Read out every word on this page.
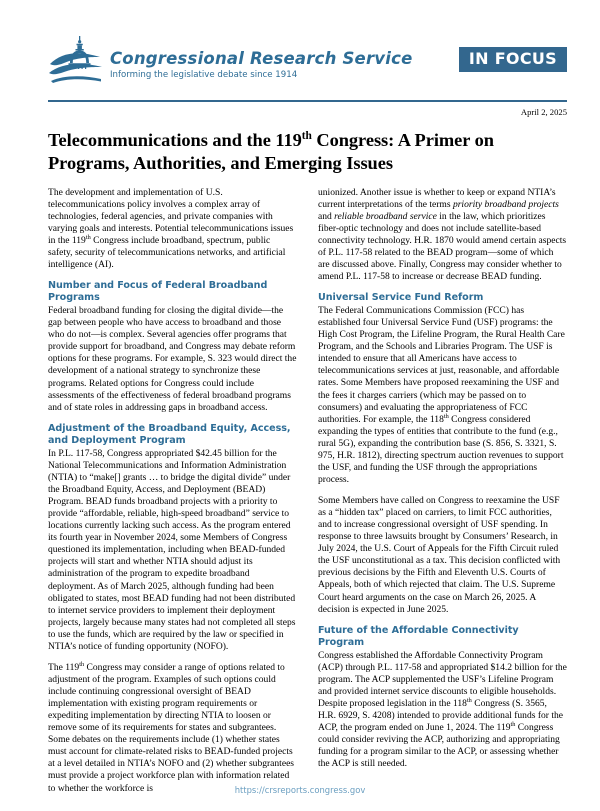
Congressional Research Service
Informing the legislative debate since 1914
IN FOCUS
April 2, 2025
Telecommunications and the 119th Congress: A Primer on Programs, Authorities, and Emerging Issues

The development and implementation of U.S. telecommunications policy involves a complex array of technologies, federal agencies, and private companies with varying goals and interests. Potential telecommunications issues in the 119th Congress include broadband, spectrum, public safety, security of telecommunications networks, and artificial intelligence (AI).

Number and Focus of Federal Broadband Programs

Federal broadband funding for closing the digital divide—the gap between people who have access to broadband and those who do not—is complex. Several agencies offer programs that provide support for broadband, and Congress may debate reform options for these programs. For example, S. 323 would direct the development of a national strategy to synchronize these programs. Related options for Congress could include assessments of the effectiveness of federal broadband programs and of state roles in addressing gaps in broadband access.

Adjustment of the Broadband Equity, Access, and Deployment Program

In P.L. 117-58, Congress appropriated $42.45 billion for the National Telecommunications and Information Administration (NTIA) to “make[] grants … to bridge the digital divide” under the Broadband Equity, Access, and Deployment (BEAD) Program. BEAD funds broadband projects with a priority to provide “affordable, reliable, high-speed broadband” service to locations currently lacking such access. As the program entered its fourth year in November 2024, some Members of Congress questioned its implementation, including when BEAD-funded projects will start and whether NTIA should adjust its administration of the program to expedite broadband deployment. As of March 2025, although funding had been obligated to states, most BEAD funding had not been distributed to internet service providers to implement their deployment projects, largely because many states had not completed all steps to use the funds, which are required by the law or specified in NTIA’s notice of funding opportunity (NOFO).

The 119th Congress may consider a range of options related to adjustment of the program. Examples of such options could include continuing congressional oversight of BEAD implementation with existing program requirements or expediting implementation by directing NTIA to loosen or remove some of its requirements for states and subgrantees. Some debates on the requirements include (1) whether states must account for climate-related risks to BEAD-funded projects at a level detailed in NTIA’s NOFO and (2) whether subgrantees must provide a project workforce plan with information related to whether the workforce is

unionized. Another issue is whether to keep or expand NTIA’s current interpretations of the terms priority broadband projects and reliable broadband service in the law, which prioritizes fiber-optic technology and does not include satellite-based connectivity technology. H.R. 1870 would amend certain aspects of P.L. 117-58 related to the BEAD program—some of which are discussed above. Finally, Congress may consider whether to amend P.L. 117-58 to increase or decrease BEAD funding.

Universal Service Fund Reform

The Federal Communications Commission (FCC) has established four Universal Service Fund (USF) programs: the High Cost Program, the Lifeline Program, the Rural Health Care Program, and the Schools and Libraries Program. The USF is intended to ensure that all Americans have access to telecommunications services at just, reasonable, and affordable rates. Some Members have proposed reexamining the USF and the fees it charges carriers (which may be passed on to consumers) and evaluating the appropriateness of FCC authorities. For example, the 118th Congress considered expanding the types of entities that contribute to the fund (e.g., rural 5G), expanding the contribution base (S. 856, S. 3321, S. 975, H.R. 1812), directing spectrum auction revenues to support the USF, and funding the USF through the appropriations process.

Some Members have called on Congress to reexamine the USF as a “hidden tax” placed on carriers, to limit FCC authorities, and to increase congressional oversight of USF spending. In response to three lawsuits brought by Consumers’ Research, in July 2024, the U.S. Court of Appeals for the Fifth Circuit ruled the USF unconstitutional as a tax. This decision conflicted with previous decisions by the Fifth and Eleventh U.S. Courts of Appeals, both of which rejected that claim. The U.S. Supreme Court heard arguments on the case on March 26, 2025. A decision is expected in June 2025.

Future of the Affordable Connectivity Program

Congress established the Affordable Connectivity Program (ACP) through P.L. 117-58 and appropriated $14.2 billion for the program. The ACP supplemented the USF’s Lifeline Program and provided internet service discounts to eligible households. Despite proposed legislation in the 118th Congress (S. 3565, H.R. 6929, S. 4208) intended to provide additional funds for the ACP, the program ended on June 1, 2024. The 119th Congress could consider reviving the ACP, authorizing and appropriating funding for a program similar to the ACP, or assessing whether the ACP is still needed.

https://crsreports.congress.gov
